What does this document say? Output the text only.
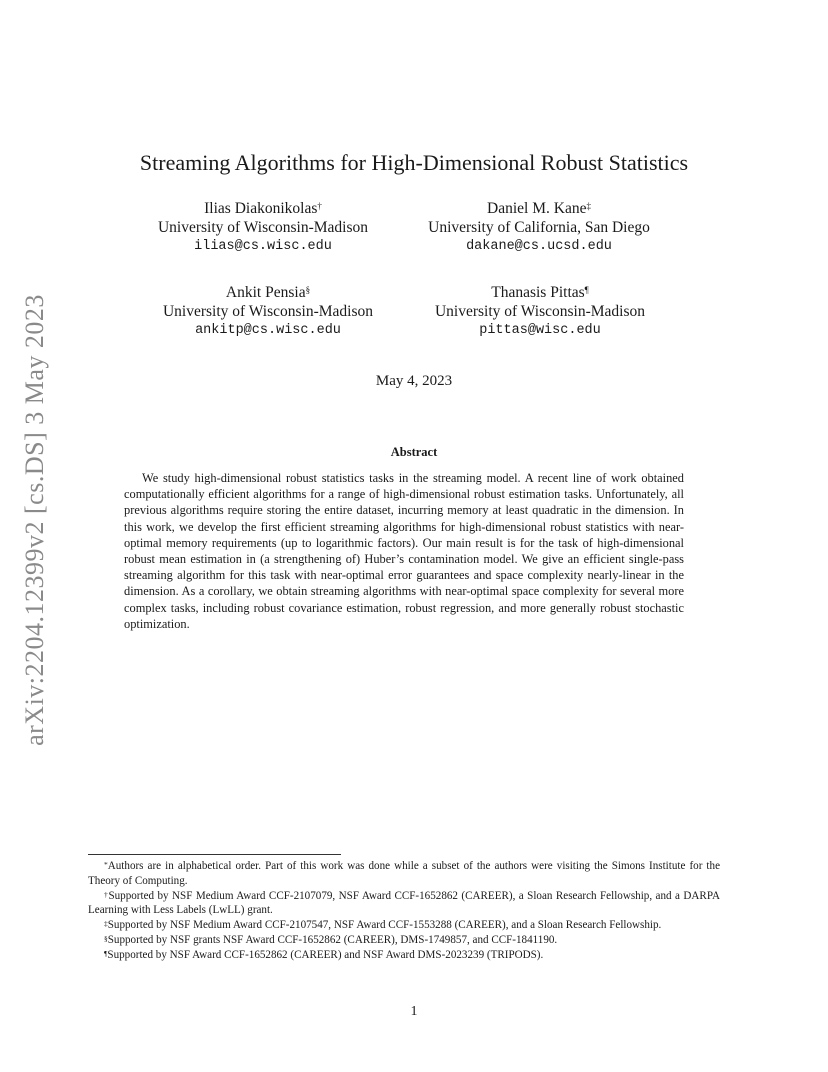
arXiv:2204.12399v2 [cs.DS] 3 May 2023
Streaming Algorithms for High-Dimensional Robust Statistics
Ilias Diakonikolas†
University of Wisconsin-Madison
ilias@cs.wisc.edu
Daniel M. Kane‡
University of California, San Diego
dakane@cs.ucsd.edu
Ankit Pensia§
University of Wisconsin-Madison
ankitp@cs.wisc.edu
Thanasis Pittas¶
University of Wisconsin-Madison
pittas@wisc.edu
May 4, 2023
Abstract
We study high-dimensional robust statistics tasks in the streaming model. A recent line of work obtained computationally efficient algorithms for a range of high-dimensional robust estimation tasks. Unfortunately, all previous algorithms require storing the entire dataset, incurring memory at least quadratic in the dimension. In this work, we develop the first efficient streaming algorithms for high-dimensional robust statistics with near-optimal memory requirements (up to logarithmic factors). Our main result is for the task of high-dimensional robust mean estimation in (a strengthening of) Huber’s contamination model. We give an efficient single-pass streaming algorithm for this task with near-optimal error guarantees and space complexity nearly-linear in the dimension. As a corollary, we obtain streaming algorithms with near-optimal space complexity for several more complex tasks, including robust covariance estimation, robust regression, and more generally robust stochastic optimization.
*Authors are in alphabetical order. Part of this work was done while a subset of the authors were visiting the Simons Institute for the Theory of Computing.
†Supported by NSF Medium Award CCF-2107079, NSF Award CCF-1652862 (CAREER), a Sloan Research Fellowship, and a DARPA Learning with Less Labels (LwLL) grant.
‡Supported by NSF Medium Award CCF-2107547, NSF Award CCF-1553288 (CAREER), and a Sloan Research Fellowship.
§Supported by NSF grants NSF Award CCF-1652862 (CAREER), DMS-1749857, and CCF-1841190.
¶Supported by NSF Award CCF-1652862 (CAREER) and NSF Award DMS-2023239 (TRIPODS).
1
